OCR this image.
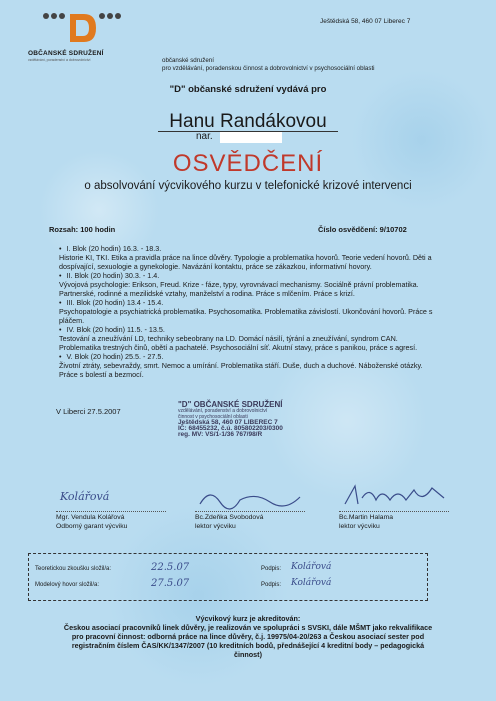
OBČANSKÉ SDRUŽENÍ
vzdělávání, poradenství a dobrovolnictví
Ještědská 58, 460 07 Liberec 7
občanské sdružení
pro vzdělávání, poradenskou činnost a dobrovolnictví v psychosociální oblasti
"D" občanské sdružení vydává pro
Hanu Randákovou
nar.
OSVĚDČENÍ
o absolvování výcvikového kurzu v telefonické krizové intervenci
Rozsah: 100 hodin	Číslo osvědčení: 9/10702
• I. Blok (20 hodin) 16.3. - 18.3.
Historie KI, TKI. Etika a pravidla práce na lince důvěry. Typologie a problematika hovorů. Teorie vedení hovorů. Děti a dospívající, sexuologie a gynekologie. Navázání kontaktu, práce se zákazkou, informativní hovory.
• II. Blok (20 hodin) 30.3. - 1.4.
Vývojová psychologie: Erikson, Freud. Krize - fáze, typy, vyrovnávací mechanismy. Sociálně právní problematika. Partnerské, rodinné a mezilidské vztahy, manželství a rodina. Práce s mlčením. Práce s krizí.
• III. Blok (20 hodin) 13.4 - 15.4.
Psychopatologie a psychiatrická problematika. Psychosomatika. Problematika závislostí. Ukončování hovorů. Práce s pláčem.
• IV. Blok (20 hodin) 11.5. - 13.5.
Testování a zneužívání LD, techniky sebeobrany na LD. Domácí násilí, týrání a zneužívání, syndrom CAN. Problematika trestných činů, obětí a pachatelé. Psychosociální síť. Akutní stavy, práce s panikou, práce s agresí.
• V. Blok (20 hodin) 25.5. - 27.5.
Životní ztráty, sebevraždy, smrt. Nemoc a umírání. Problematika stáří. Duše, duch a duchové. Náboženské otázky. Práce s bolestí a bezmocí.
V Liberci 27.5.2007
"D" OBČANSKÉ SDRUŽENÍ
vzdělávání, poradenství a dobrovolnictví
činnost v psychosociální oblasti
Ještědská 58, 460 07 LIBEREC 7
IČ: 68455232, č.ú. 805802203/0300
reg. MV: VS/1-1/36 767/98/R
Kolářová
Mgr. Vendula Kolářová
Odborný garant výcviku
Bc.Zdeňka Svobodová
lektor výcviku
Bc.Martin Halama
lektor výcviku
Teoretickou zkoušku složil/a:	22.5.07	Podpis: Kolářová
Modelový hovor složil/a:	27.5.07	Podpis: Kolářová
Výcvikový kurz je akreditován:
Českou asociací pracovníků linek důvěry, je realizován ve spolupráci s SVSKI, dále MŠMT jako rekvalifikace pro pracovní činnost: odborná práce na lince důvěry, č.j. 19975/04-20/263 a Českou asociací sester pod registračním číslem ČAS/KK/1347/2007 (10 kreditních bodů, přednášející 4 kreditní body – pedagogická činnost)
